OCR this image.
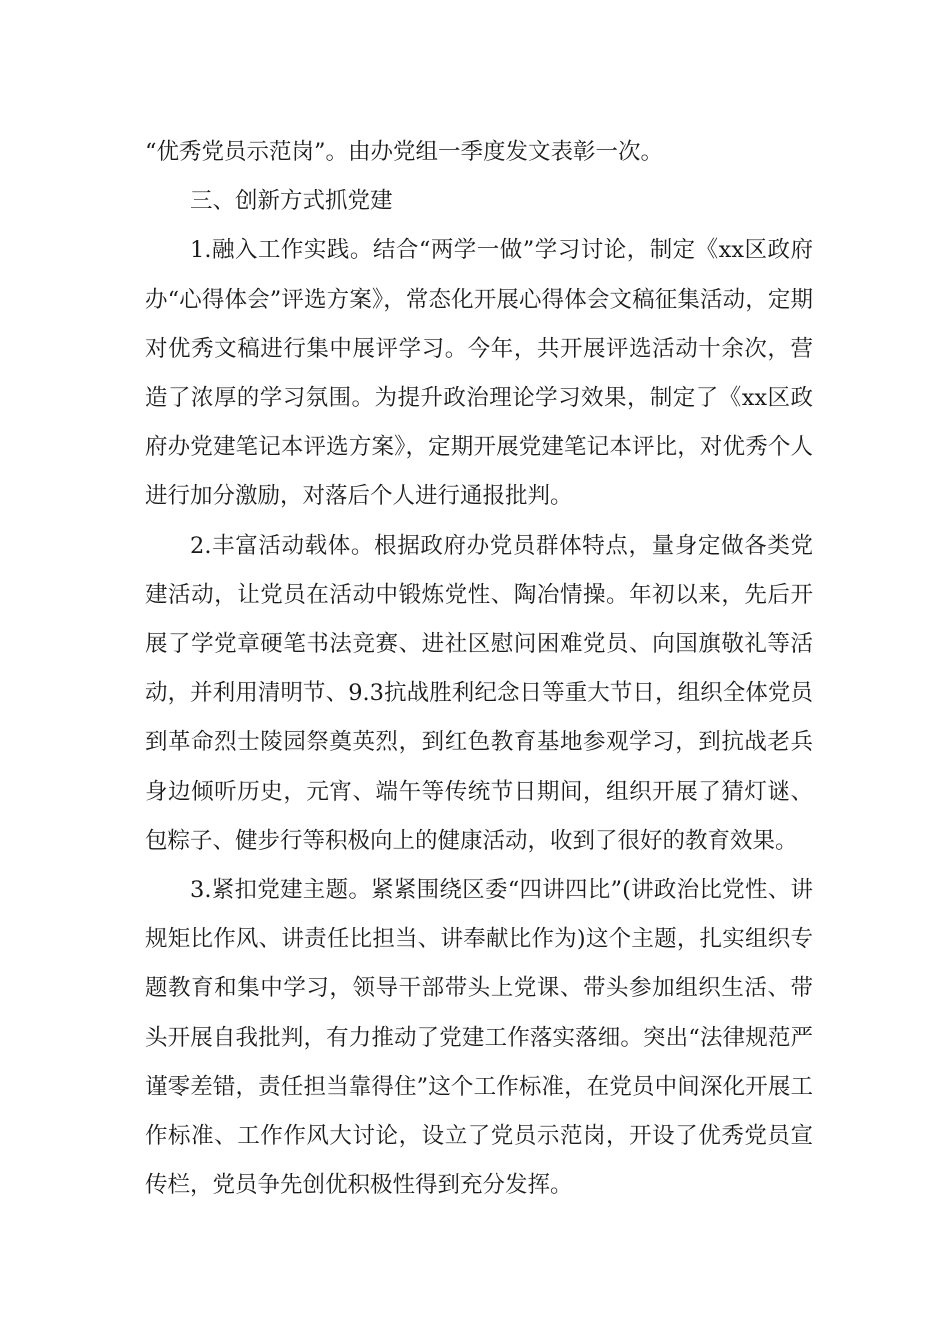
“优秀党员示范岗”。由办党组一季度发文表彰一次。

三、创新方式抓党建

1.融入工作实践。结合“两学一做”学习讨论，制定《xx区政府办“心得体会”评选方案》，常态化开展心得体会文稿征集活动，定期对优秀文稿进行集中展评学习。今年，共开展评选活动十余次，营造了浓厚的学习氛围。为提升政治理论学习效果，制定了《xx区政府办党建笔记本评选方案》，定期开展党建笔记本评比，对优秀个人进行加分激励，对落后个人进行通报批判。

2.丰富活动载体。根据政府办党员群体特点，量身定做各类党建活动，让党员在活动中锻炼党性、陶冶情操。年初以来，先后开展了学党章硬笔书法竞赛、进社区慰问困难党员、向国旗敬礼等活动，并利用清明节、9.3抗战胜利纪念日等重大节日，组织全体党员到革命烈士陵园祭奠英烈，到红色教育基地参观学习，到抗战老兵身边倾听历史，元宵、端午等传统节日期间，组织开展了猜灯谜、包粽子、健步行等积极向上的健康活动，收到了很好的教育效果。

3.紧扣党建主题。紧紧围绕区委“四讲四比”(讲政治比党性、讲规矩比作风、讲责任比担当、讲奉献比作为)这个主题，扎实组织专题教育和集中学习，领导干部带头上党课、带头参加组织生活、带头开展自我批判，有力推动了党建工作落实落细。突出“法律规范严谨零差错，责任担当靠得住”这个工作标准，在党员中间深化开展工作标准、工作作风大讨论，设立了党员示范岗，开设了优秀党员宣传栏，党员争先创优积极性得到充分发挥。
